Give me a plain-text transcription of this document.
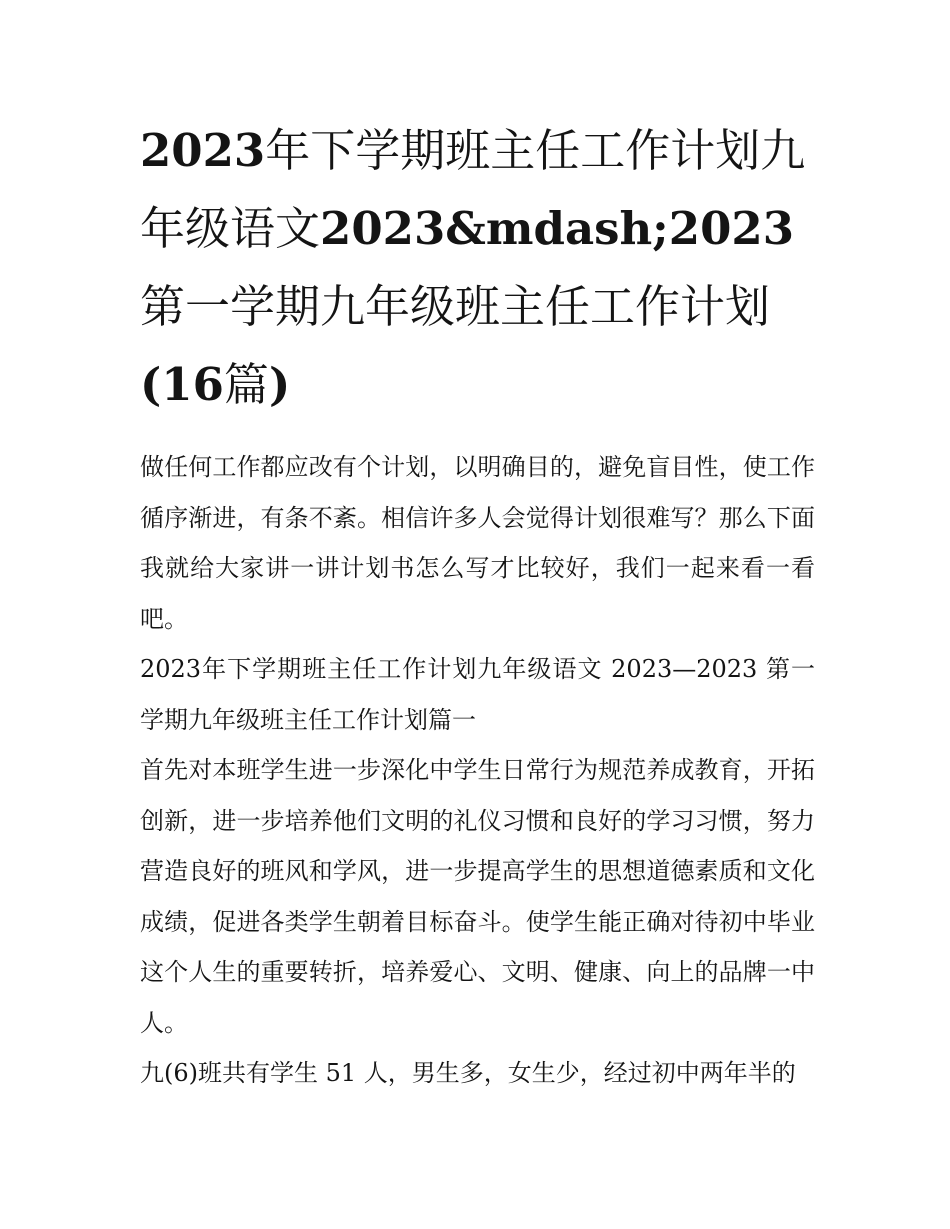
2023年下学期班主任工作计划九年级语文2023&mdash;2023第一学期九年级班主任工作计划(16篇)

做任何工作都应改有个计划，以明确目的，避免盲目性，使工作循序渐进，有条不紊。相信许多人会觉得计划很难写？那么下面我就给大家讲一讲计划书怎么写才比较好，我们一起来看一看吧。

2023年下学期班主任工作计划九年级语文 2023—2023 第一学期九年级班主任工作计划篇一

首先对本班学生进一步深化中学生日常行为规范养成教育，开拓创新，进一步培养他们文明的礼仪习惯和良好的学习习惯，努力营造良好的班风和学风，进一步提高学生的思想道德素质和文化成绩，促进各类学生朝着目标奋斗。使学生能正确对待初中毕业这个人生的重要转折，培养爱心、文明、健康、向上的品牌一中人。

九(6)班共有学生 51 人，男生多，女生少，经过初中两年半的
